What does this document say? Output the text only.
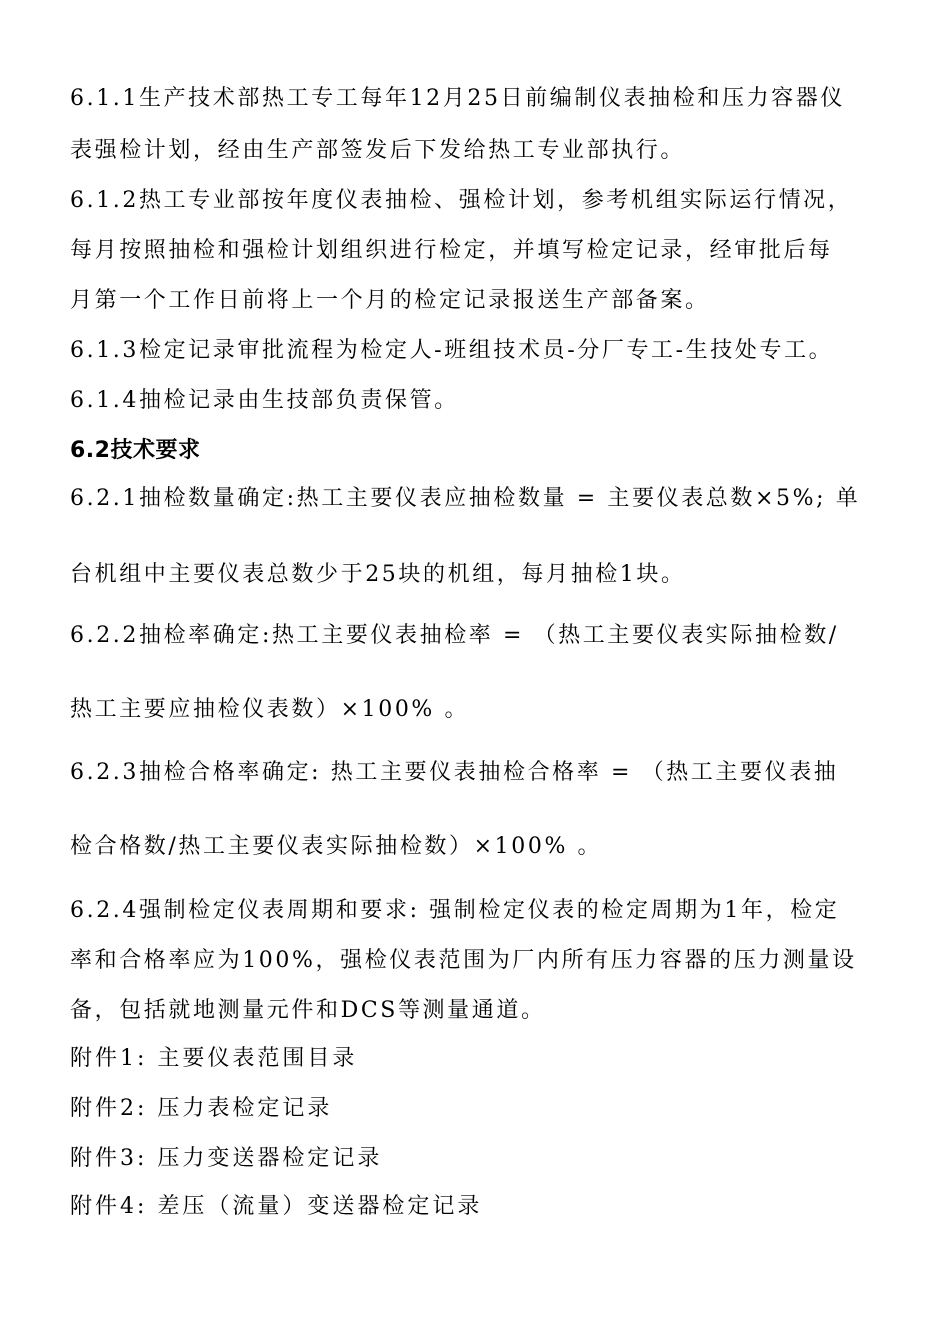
6.1.1生产技术部热工专工每年12月25日前编制仪表抽检和压力容器仪
表强检计划，经由生产部签发后下发给热工专业部执行。
6.1.2热工专业部按年度仪表抽检、强检计划，参考机组实际运行情况，
每月按照抽检和强检计划组织进行检定，并填写检定记录，经审批后每
月第一个工作日前将上一个月的检定记录报送生产部备案。
6.1.3检定记录审批流程为检定人-班组技术员-分厂专工-生技处专工。
6.1.4抽检记录由生技部负责保管。
6.2技术要求
6.2.1抽检数量确定:热工主要仪表应抽检数量 = 主要仪表总数×5%; 单
台机组中主要仪表总数少于25块的机组，每月抽检1块。
6.2.2抽检率确定:热工主要仪表抽检率 = （热工主要仪表实际抽检数/
热工主要应抽检仪表数）×100% 。
6.2.3抽检合格率确定: 热工主要仪表抽检合格率 = （热工主要仪表抽
检合格数/热工主要仪表实际抽检数）×100% 。
6.2.4强制检定仪表周期和要求: 强制检定仪表的检定周期为1年，检定
率和合格率应为100%，强检仪表范围为厂内所有压力容器的压力测量设
备，包括就地测量元件和DCS等测量通道。
附件1: 主要仪表范围目录
附件2: 压力表检定记录
附件3: 压力变送器检定记录
附件4: 差压（流量）变送器检定记录
